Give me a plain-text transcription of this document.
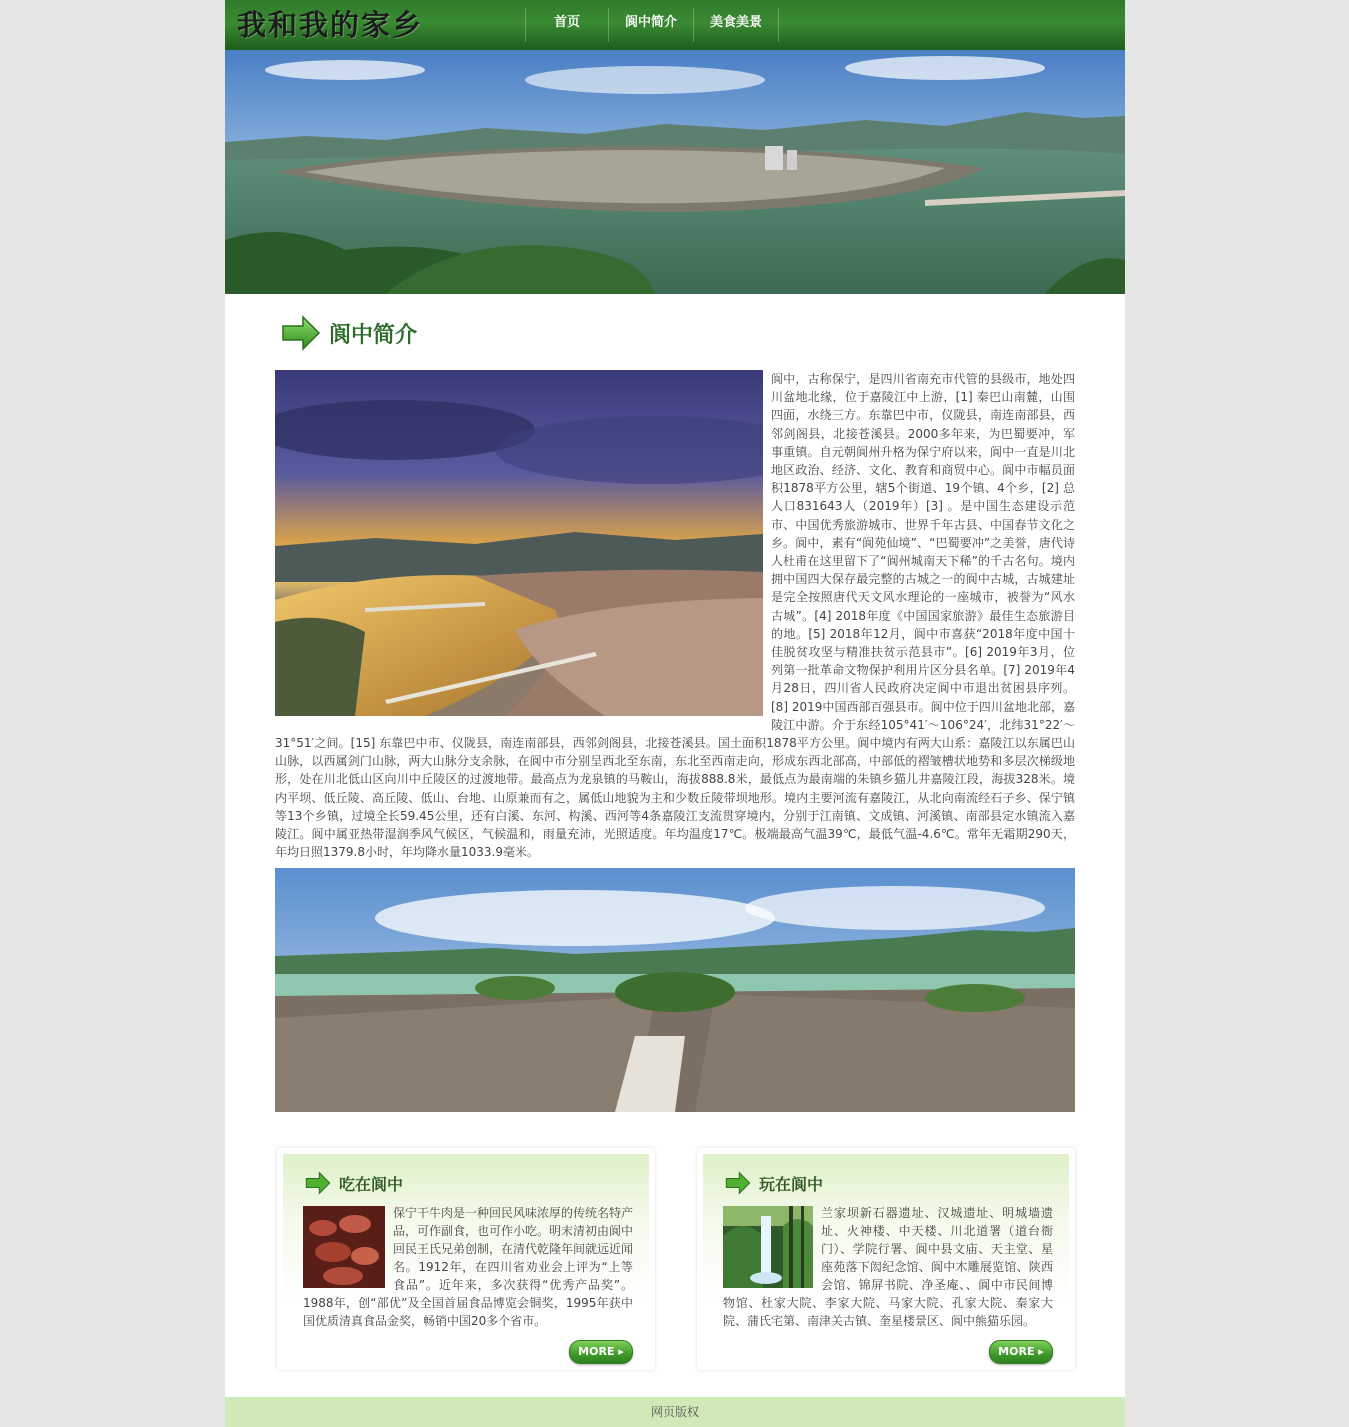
我和我的家乡	首页	阆中简介	美食美景
阆中简介

阆中，古称保宁，是四川省南充市代管的县级市，地处四川盆地北缘，位于嘉陵江中上游，[1] 秦巴山南麓，山围四面，水绕三方。东靠巴中市，仪陇县，南连南部县，西邻剑阁县，北接苍溪县。2000多年来，为巴蜀要冲，军事重镇。自元朝阆州升格为保宁府以来，阆中一直是川北地区政治、经济、文化、教育和商贸中心。阆中市幅员面积1878平方公里，辖5个街道、19个镇、4个乡，[2] 总人口831643人（2019年）[3] 。是中国生态建设示范市、中国优秀旅游城市、世界千年古县、中国春节文化之乡。阆中，素有“阆苑仙境”、“巴蜀要冲”之美誉，唐代诗人杜甫在这里留下了“阆州城南天下稀”的千古名句。境内拥中国四大保存最完整的古城之一的阆中古城，古城建址是完全按照唐代天文风水理论的一座城市，被誉为“风水古城”。[4] 2018年度《中国国家旅游》最佳生态旅游目的地。[5] 2018年12月，阆中市喜获“2018年度中国十佳脱贫攻坚与精准扶贫示范县市”。[6] 2019年3月，位列第一批革命文物保护利用片区分县名单。[7] 2019年4月28日，四川省人民政府决定阆中市退出贫困县序列。[8] 2019中国西部百强县市。阆中位于四川盆地北部，嘉陵江中游。介于东经105°41′～106°24′，北纬31°22′～31°51′之间。[15] 东靠巴中市、仪陇县，南连南部县，西邻剑阁县，北接苍溪县。国土面积1878平方公里。阆中境内有两大山系：嘉陵江以东属巴山山脉，以西属剑门山脉，两大山脉分支余脉，在阆中市分别呈西北至东南，东北至西南走向，形成东西北部高，中部低的褶皱槽状地势和多层次梯级地形，处在川北低山区向川中丘陵区的过渡地带。最高点为龙泉镇的马鞍山，海拔888.8米，最低点为最南端的朱镇乡猫儿井嘉陵江段，海拔328米。境内平坝、低丘陵、高丘陵、低山、台地、山原兼而有之，属低山地貌为主和少数丘陵带坝地形。境内主要河流有嘉陵江，从北向南流经石子乡、保宁镇等13个乡镇，过境全长59.45公里，还有白溪、东河、构溪、西河等4条嘉陵江支流贯穿境内，分别于江南镇、文成镇、河溪镇、南部县定水镇流入嘉陵江。阆中属亚热带湿润季风气候区，气候温和，雨量充沛，光照适度。年均温度17℃。极端最高气温39℃，最低气温-4.6℃。常年无霜期290天，年均日照1379.8小时，年均降水量1033.9毫米。

吃在阆中
保宁干牛肉是一种回民风味浓厚的传统名特产品，可作副食，也可作小吃。明末清初由阆中回民王氏兄弟创制，在清代乾隆年间就远近闻名。1912年，在四川省劝业会上评为“上等食品”。近年来，多次获得“优秀产品奖”。1988年，创“部优”及全国首届食品博览会铜奖，1995年获中国优质清真食品金奖，畅销中国20多个省市。
MORE ▸
玩在阆中
兰家坝新石器遗址、汉城遗址、明城墙遗址、火神楼、中天楼、川北道署（道台衙门）、学院行署、阆中县文庙、天主堂、星座苑落下闳纪念馆、阆中木雕展览馆、陕西会馆、锦屏书院、净圣庵、、阆中市民间博物馆、杜家大院、李家大院、马家大院、孔家大院、秦家大院、蒲氏宅第、南津关古镇、奎星楼景区、阆中熊猫乐园。
MORE ▸
网页版权
